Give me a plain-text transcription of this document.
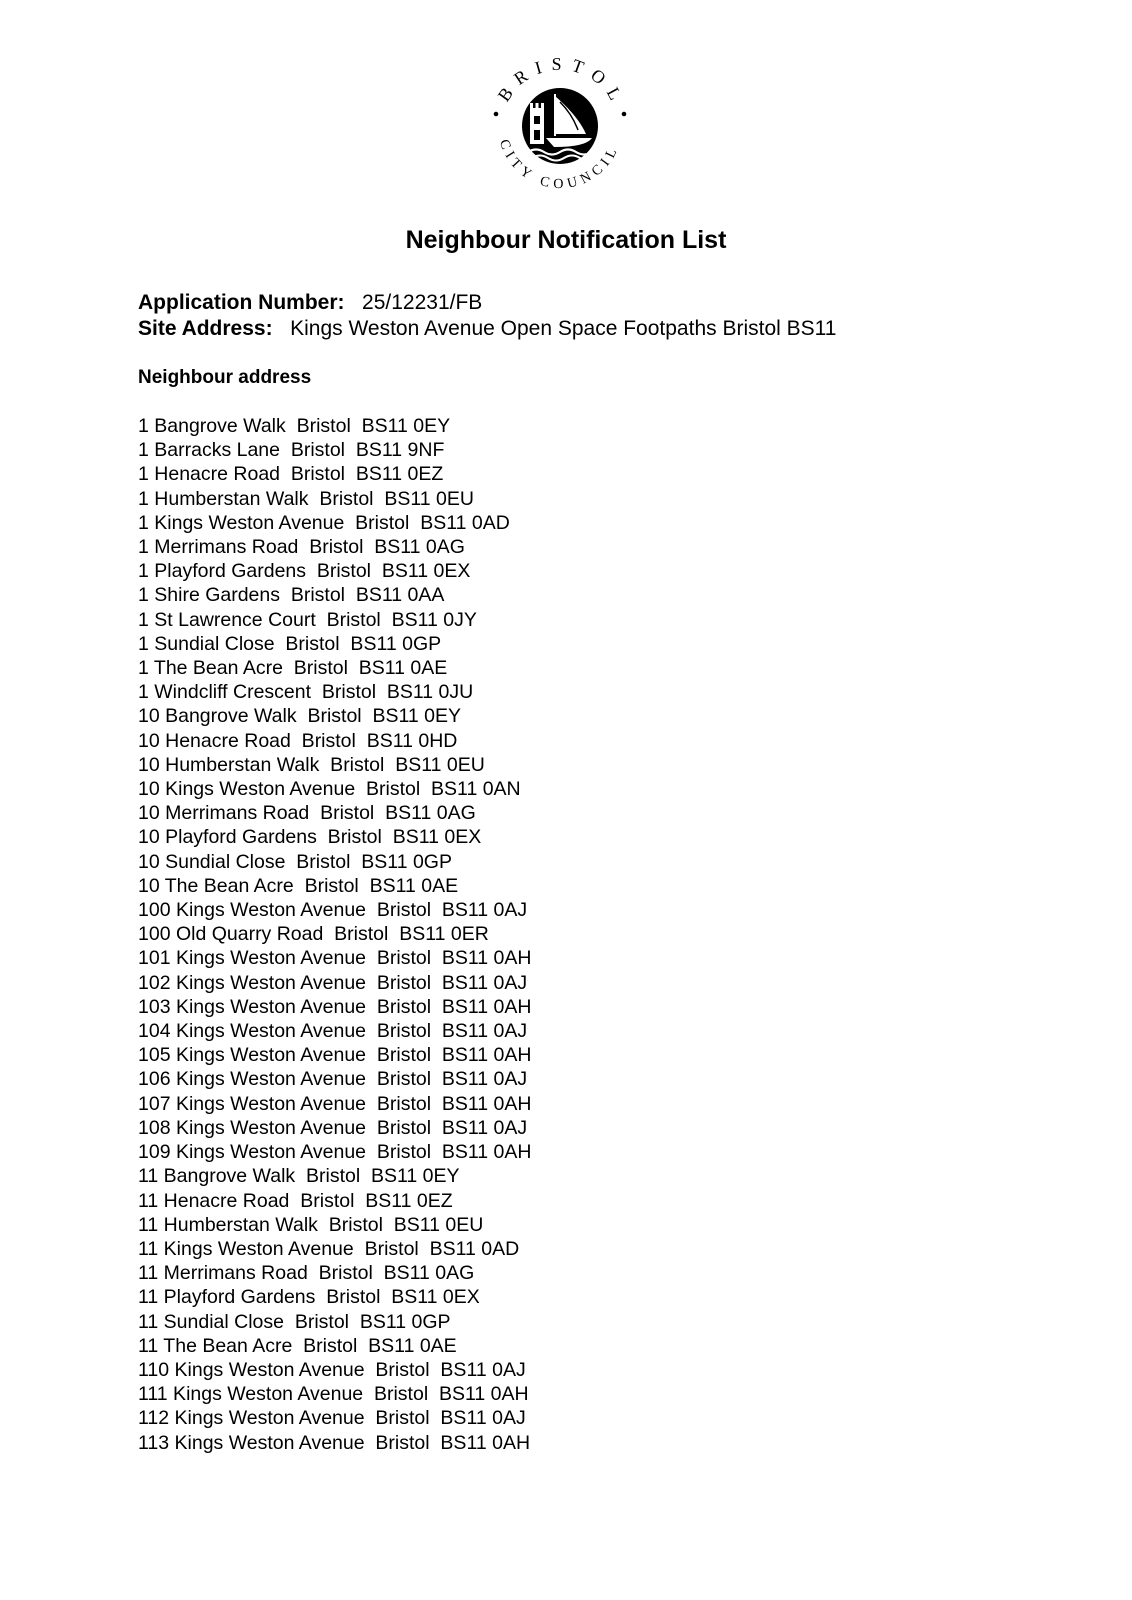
BRISTOL
CITY COUNCIL
Neighbour Notification List
Application Number: 25/12231/FB
Site Address: Kings Weston Avenue Open Space Footpaths Bristol BS11
Neighbour address
1 Bangrove Walk  Bristol  BS11 0EY
1 Barracks Lane  Bristol  BS11 9NF
1 Henacre Road  Bristol  BS11 0EZ
1 Humberstan Walk  Bristol  BS11 0EU
1 Kings Weston Avenue  Bristol  BS11 0AD
1 Merrimans Road  Bristol  BS11 0AG
1 Playford Gardens  Bristol  BS11 0EX
1 Shire Gardens  Bristol  BS11 0AA
1 St Lawrence Court  Bristol  BS11 0JY
1 Sundial Close  Bristol  BS11 0GP
1 The Bean Acre  Bristol  BS11 0AE
1 Windcliff Crescent  Bristol  BS11 0JU
10 Bangrove Walk  Bristol  BS11 0EY
10 Henacre Road  Bristol  BS11 0HD
10 Humberstan Walk  Bristol  BS11 0EU
10 Kings Weston Avenue  Bristol  BS11 0AN
10 Merrimans Road  Bristol  BS11 0AG
10 Playford Gardens  Bristol  BS11 0EX
10 Sundial Close  Bristol  BS11 0GP
10 The Bean Acre  Bristol  BS11 0AE
100 Kings Weston Avenue  Bristol  BS11 0AJ
100 Old Quarry Road  Bristol  BS11 0ER
101 Kings Weston Avenue  Bristol  BS11 0AH
102 Kings Weston Avenue  Bristol  BS11 0AJ
103 Kings Weston Avenue  Bristol  BS11 0AH
104 Kings Weston Avenue  Bristol  BS11 0AJ
105 Kings Weston Avenue  Bristol  BS11 0AH
106 Kings Weston Avenue  Bristol  BS11 0AJ
107 Kings Weston Avenue  Bristol  BS11 0AH
108 Kings Weston Avenue  Bristol  BS11 0AJ
109 Kings Weston Avenue  Bristol  BS11 0AH
11 Bangrove Walk  Bristol  BS11 0EY
11 Henacre Road  Bristol  BS11 0EZ
11 Humberstan Walk  Bristol  BS11 0EU
11 Kings Weston Avenue  Bristol  BS11 0AD
11 Merrimans Road  Bristol  BS11 0AG
11 Playford Gardens  Bristol  BS11 0EX
11 Sundial Close  Bristol  BS11 0GP
11 The Bean Acre  Bristol  BS11 0AE
110 Kings Weston Avenue  Bristol  BS11 0AJ
111 Kings Weston Avenue  Bristol  BS11 0AH
112 Kings Weston Avenue  Bristol  BS11 0AJ
113 Kings Weston Avenue  Bristol  BS11 0AH
